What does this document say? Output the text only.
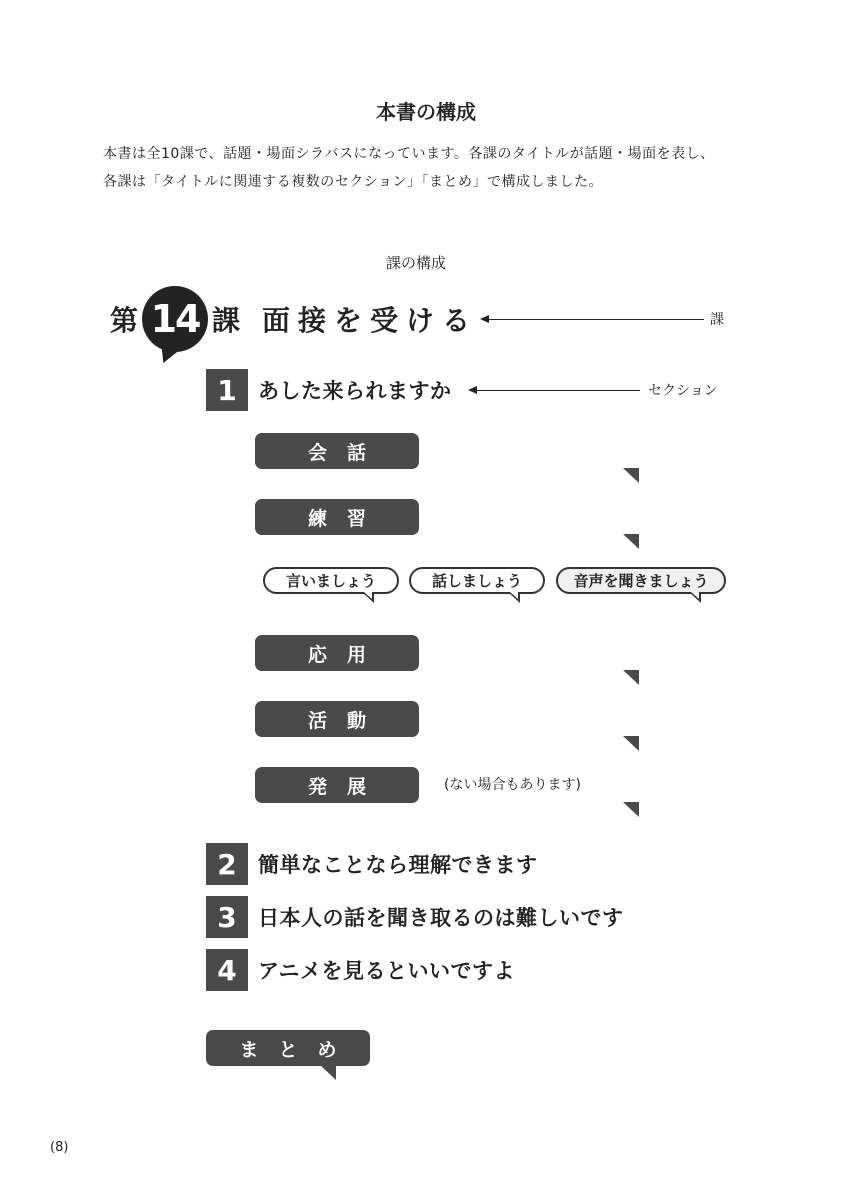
本書の構成
本書は全10課で、話題・場面シラバスになっています。各課のタイトルが話題・場面を表し、
各課は「タイトルに関連する複数のセクション」「まとめ」で構成しました。
課の構成
第 14 課 面接を受ける	課
1	あした来られますか	セクション
会話
練習
言いましょう	話しましょう	音声を聞きましょう
応用
活動
発展	(ない場合もあります)
2	簡単なことなら理解できます
3	日本人の話を聞き取るのは難しいです
4	アニメを見るといいですよ
まとめ
(8)
